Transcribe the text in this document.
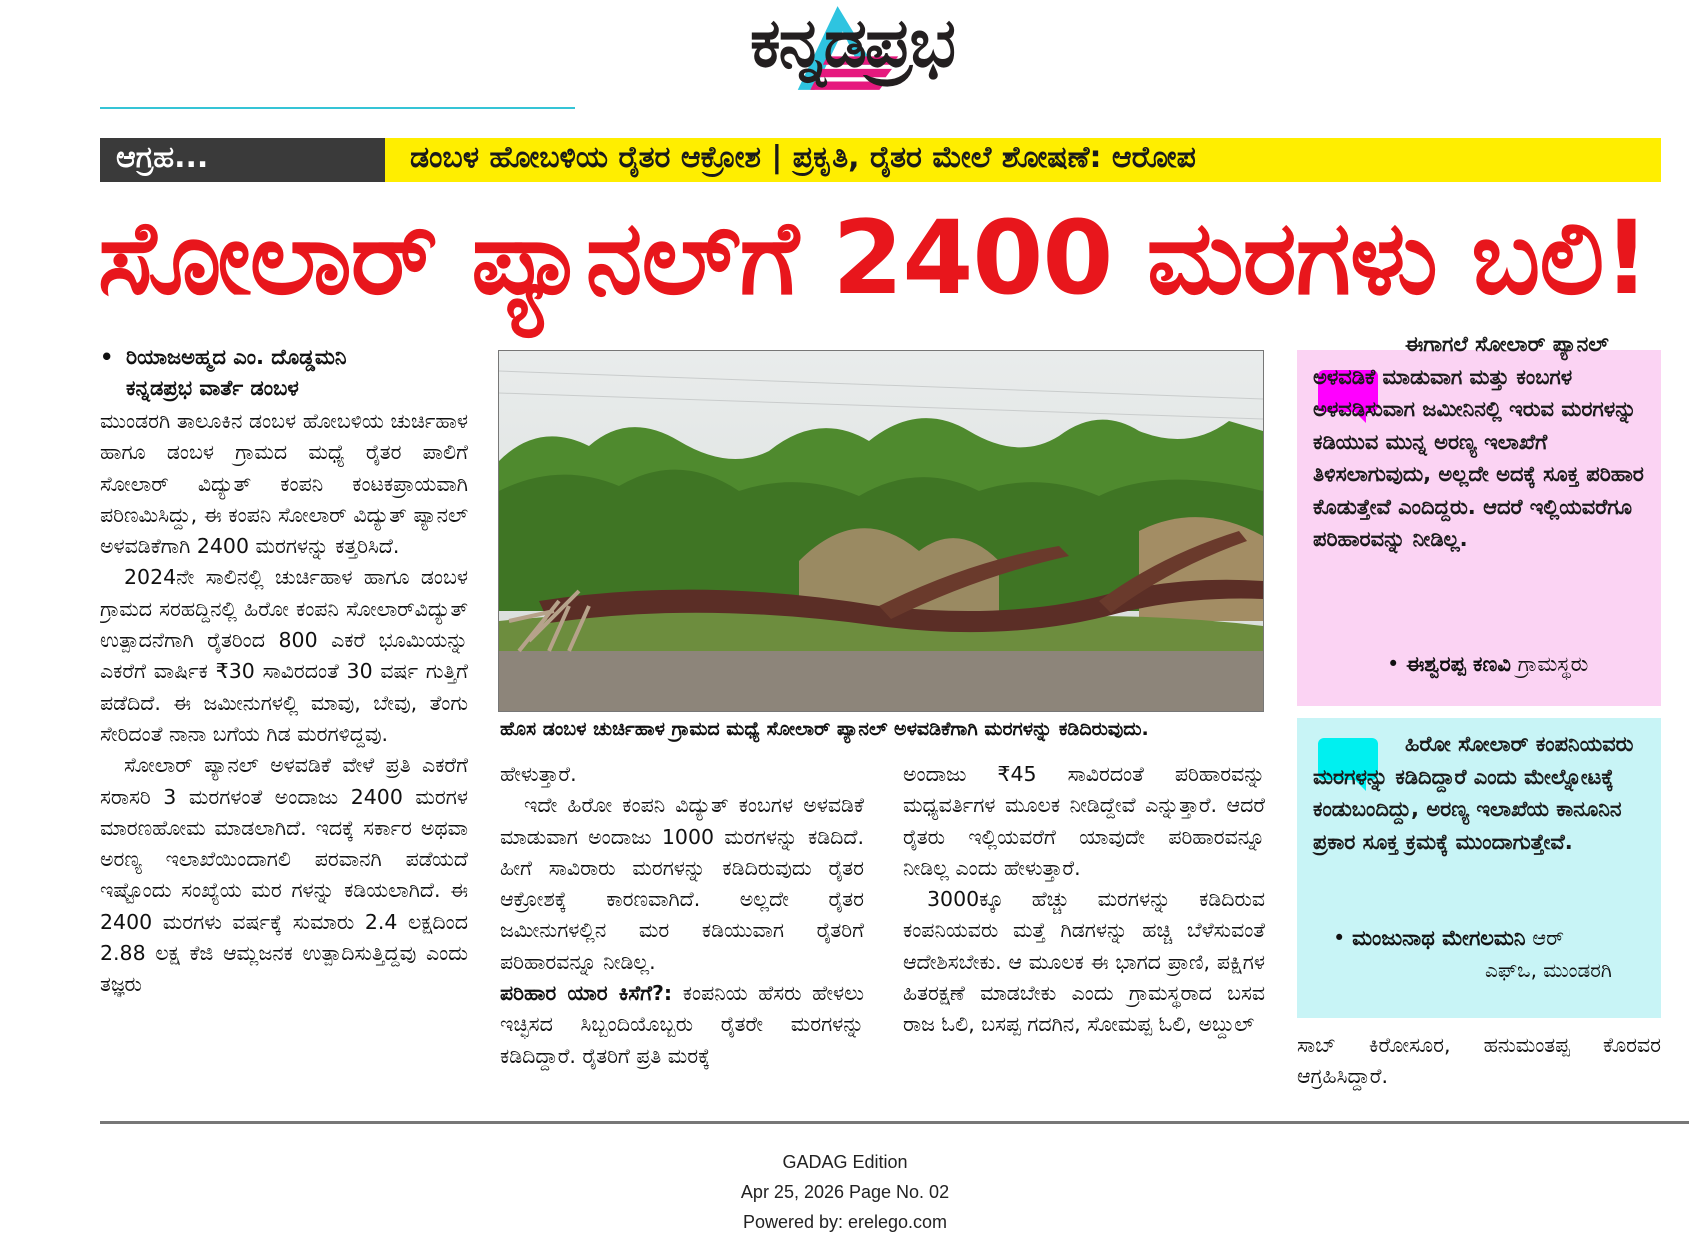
ಕನ್ನಡಪ್ರಭ
ಆಗ್ರಹ...	ಡಂಬಳ ಹೋಬಳಿಯ ರೈತರ ಆಕ್ರೋಶ | ಪ್ರಕೃತಿ, ರೈತರ ಮೇಲೆ ಶೋಷಣೆ: ಆರೋಪ
ಸೋಲಾರ್ ಪ್ಯಾನಲ್‌ಗೆ 2400 ಮರಗಳು ಬಲಿ!
• ರಿಯಾಜಅಹ್ಮದ ಎಂ. ದೊಡ್ಡಮನಿ
ಕನ್ನಡಪ್ರಭ ವಾರ್ತೆ ಡಂಬಳ

ಮುಂಡರಗಿ ತಾಲೂಕಿನ ಡಂಬಳ ಹೋಬಳಿಯ ಚುರ್ಚಿಹಾಳ ಹಾಗೂ ಡಂಬಳ ಗ್ರಾಮದ ಮಧ್ಯೆ ರೈತರ ಪಾಲಿಗೆ ಸೋಲಾರ್ ವಿದ್ಯುತ್ ಕಂಪನಿ ಕಂಟಕಪ್ರಾಯವಾಗಿ ಪರಿಣಮಿಸಿದ್ದು, ಈ ಕಂಪನಿ ಸೋಲಾರ್ ವಿದ್ಯುತ್ ಪ್ಯಾನಲ್ ಅಳವಡಿಕೆಗಾಗಿ 2400 ಮರಗಳನ್ನು ಕತ್ತರಿಸಿದೆ.

2024ನೇ ಸಾಲಿನಲ್ಲಿ ಚುರ್ಚಿಹಾಳ ಹಾಗೂ ಡಂಬಳ ಗ್ರಾಮದ ಸರಹದ್ದಿನಲ್ಲಿ ಹಿರೋ ಕಂಪನಿ ಸೋಲಾರ್‌ವಿದ್ಯುತ್ ಉತ್ಪಾದನೆಗಾಗಿ ರೈತರಿಂದ 800 ಎಕರೆ ಭೂಮಿಯನ್ನು ಎಕರೆಗೆ ವಾರ್ಷಿಕ ₹30 ಸಾವಿರದಂತೆ 30 ವರ್ಷ ಗುತ್ತಿಗೆ ಪಡೆದಿದೆ. ಈ ಜಮೀನುಗಳಲ್ಲಿ ಮಾವು, ಬೇವು, ತೆಂಗು ಸೇರಿದಂತೆ ನಾನಾ ಬಗೆಯ ಗಿಡ ಮರಗಳಿದ್ದವು.

ಸೋಲಾರ್ ಪ್ಯಾನಲ್ ಅಳವಡಿಕೆ ವೇಳೆ ಪ್ರತಿ ಎಕರೆಗೆ ಸರಾಸರಿ 3 ಮರಗಳಂತೆ ಅಂದಾಜು 2400 ಮರಗಳ ಮಾರಣಹೋಮ ಮಾಡಲಾಗಿದೆ. ಇದಕ್ಕೆ ಸರ್ಕಾರ ಅಥವಾ ಅರಣ್ಯ ಇಲಾಖೆಯಿಂದಾಗಲಿ ಪರವಾನಗಿ ಪಡೆಯದೆ ಇಷ್ಟೊಂದು ಸಂಖ್ಯೆಯ ಮರ ಗಳನ್ನು ಕಡಿಯಲಾಗಿದೆ. ಈ 2400 ಮರಗಳು ವರ್ಷಕ್ಕೆ ಸುಮಾರು 2.4 ಲಕ್ಷದಿಂದ 2.88 ಲಕ್ಷ ಕೆಜಿ ಆಮ್ಲಜನಕ ಉತ್ಪಾದಿಸುತ್ತಿದ್ದವು ಎಂದು ತಜ್ಞರು

ಹೊಸ ಡಂಬಳ ಚುರ್ಚಿಹಾಳ ಗ್ರಾಮದ ಮಧ್ಯೆ ಸೋಲಾರ್ ಪ್ಯಾನಲ್ ಅಳವಡಿಕೆಗಾಗಿ ಮರಗಳನ್ನು ಕಡಿದಿರುವುದು.

ಹೇಳುತ್ತಾರೆ.

ಇದೇ ಹಿರೋ ಕಂಪನಿ ವಿದ್ಯುತ್ ಕಂಬಗಳ ಅಳವಡಿಕೆ ಮಾಡುವಾಗ ಅಂದಾಜು 1000 ಮರಗಳನ್ನು ಕಡಿದಿದೆ. ಹೀಗೆ ಸಾವಿರಾರು ಮರಗಳನ್ನು ಕಡಿದಿರುವುದು ರೈತರ ಆಕ್ರೋಶಕ್ಕೆ ಕಾರಣವಾಗಿದೆ. ಅಲ್ಲದೇ ರೈತರ ಜಮೀನುಗಳಲ್ಲಿನ ಮರ ಕಡಿಯುವಾಗ ರೈತರಿಗೆ ಪರಿಹಾರವನ್ನೂ ನೀಡಿಲ್ಲ.

ಪರಿಹಾರ ಯಾರ ಕಿಸೆಗೆ?: ಕಂಪನಿಯ ಹೆಸರು ಹೇಳಲು ಇಚ್ಛಿಸದ ಸಿಬ್ಬಂದಿಯೊಬ್ಬರು ರೈತರೇ ಮರಗಳನ್ನು ಕಡಿದಿದ್ದಾರೆ. ರೈತರಿಗೆ ಪ್ರತಿ ಮರಕ್ಕೆ

ಅಂದಾಜು ₹45 ಸಾವಿರದಂತೆ ಪರಿಹಾರವನ್ನು ಮಧ್ಯವರ್ತಿಗಳ ಮೂಲಕ ನೀಡಿದ್ದೇವೆ ಎನ್ನುತ್ತಾರೆ. ಆದರೆ ರೈತರು ಇಲ್ಲಿಯವರೆಗೆ ಯಾವುದೇ ಪರಿಹಾರವನ್ನೂ ನೀಡಿಲ್ಲ ಎಂದು ಹೇಳುತ್ತಾರೆ.

3000ಕ್ಕೂ ಹೆಚ್ಚು ಮರಗಳನ್ನು ಕಡಿದಿರುವ ಕಂಪನಿಯವರು ಮತ್ತೆ ಗಿಡಗಳನ್ನು ಹಚ್ಚಿ ಬೆಳೆಸುವಂತೆ ಆದೇಶಿಸಬೇಕು. ಆ ಮೂಲಕ ಈ ಭಾಗದ ಪ್ರಾಣಿ, ಪಕ್ಷಿಗಳ ಹಿತರಕ್ಷಣೆ ಮಾಡಬೇಕು ಎಂದು ಗ್ರಾಮಸ್ಥರಾದ ಬಸವ ರಾಜ ಓಲಿ, ಬಸಪ್ಪ ಗದಗಿನ, ಸೋಮಪ್ಪ ಓಲಿ, ಅಬ್ದುಲ್

ಈಗಾಗಲೆ ಸೋಲಾರ್ ಪ್ಯಾನಲ್ ಅಳವಡಿಕೆ ಮಾಡುವಾಗ ಮತ್ತು ಕಂಬಗಳ ಅಳವಡಿಸುವಾಗ ಜಮೀನಿನಲ್ಲಿ ಇರುವ ಮರಗಳನ್ನು ಕಡಿಯುವ ಮುನ್ನ ಅರಣ್ಯ ಇಲಾಖೆಗೆ ತಿಳಿಸಲಾಗುವುದು, ಅಲ್ಲದೇ ಅದಕ್ಕೆ ಸೂಕ್ತ ಪರಿಹಾರ ಕೊಡುತ್ತೇವೆ ಎಂದಿದ್ದರು. ಆದರೆ ಇಲ್ಲಿಯವರೆಗೂ ಪರಿಹಾರವನ್ನು ನೀಡಿಲ್ಲ.
• ಈಶ್ವರಪ್ಪ ಕಣವಿ ಗ್ರಾಮಸ್ಥರು
ಹಿರೋ ಸೋಲಾರ್ ಕಂಪನಿಯವರು ಮರಗಳನ್ನು ಕಡಿದಿದ್ದಾರೆ ಎಂದು ಮೇಲ್ನೋಟಕ್ಕೆ ಕಂಡುಬಂದಿದ್ದು, ಅರಣ್ಯ ಇಲಾಖೆಯ ಕಾನೂನಿನ ಪ್ರಕಾರ ಸೂಕ್ತ ಕ್ರಮಕ್ಕೆ ಮುಂದಾಗುತ್ತೇವೆ.
• ಮಂಜುನಾಥ ಮೇಗಲಮನಿ ಆರ್
ಎಫ್‌ಒ, ಮುಂಡರಗಿ
ಸಾಬ್ ಕಿರೋಸೂರ, ಹನುಮಂತಪ್ಪ ಕೊರವರ ಆಗ್ರಹಿಸಿದ್ದಾರೆ.
GADAG Edition
Apr 25, 2026 Page No. 02
Powered by: erelego.com
